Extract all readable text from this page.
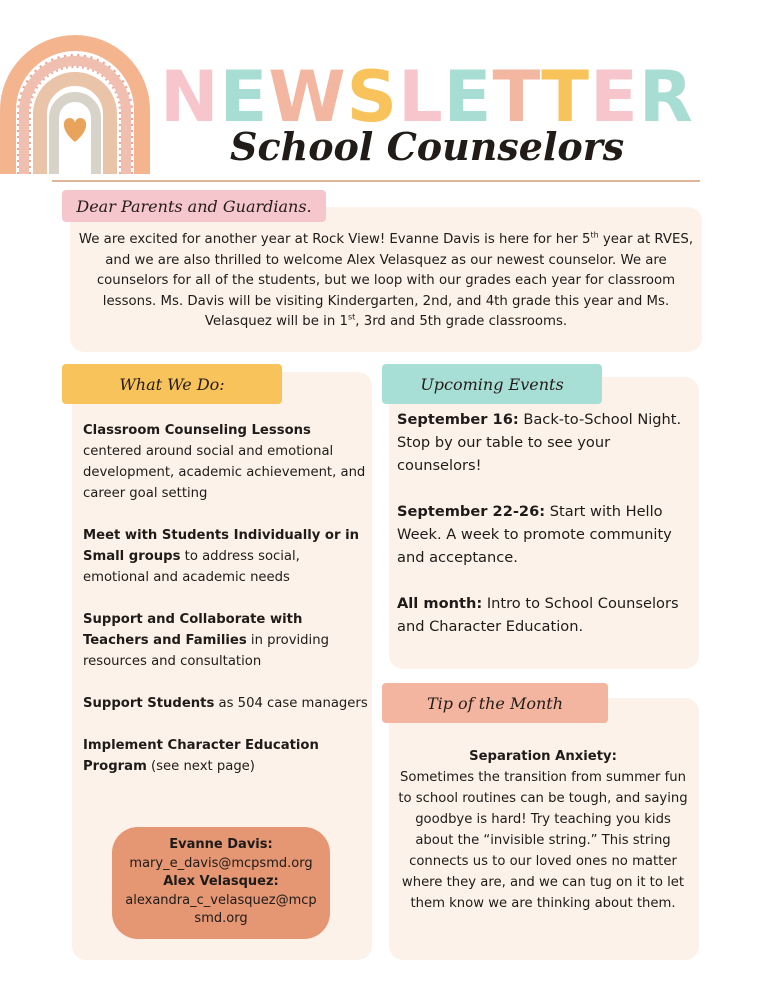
NEWSLETTER
School Counselors
Dear Parents and Guardians.
We are excited for another year at Rock View! Evanne Davis is here for her 5th year at RVES, and we are also thrilled to welcome Alex Velasquez as our newest counselor. We are counselors for all of the students, but we loop with our grades each year for classroom lessons. Ms. Davis will be visiting Kindergarten, 2nd, and 4th grade this year and Ms. Velasquez will be in 1st, 3rd and 5th grade classrooms.
What We Do:
Classroom Counseling Lessons centered around social and emotional development, academic achievement, and career goal setting
Meet with Students Individually or in Small groups to address social, emotional and academic needs
Support and Collaborate with Teachers and Families in providing resources and consultation
Support Students as 504 case managers
Implement Character Education Program (see next page)
Evanne Davis:
mary_e_davis@mcpsmd.org
Alex Velasquez:
alexandra_c_velasquez@mcpsmd.org
Upcoming Events
September 16: Back-to-School Night. Stop by our table to see your counselors!
September 22-26: Start with Hello Week. A week to promote community and acceptance.
All month: Intro to School Counselors and Character Education.
Tip of the Month
Separation Anxiety:
Sometimes the transition from summer fun to school routines can be tough, and saying goodbye is hard! Try teaching you kids about the “invisible string.” This string connects us to our loved ones no matter where they are, and we can tug on it to let them know we are thinking about them.
